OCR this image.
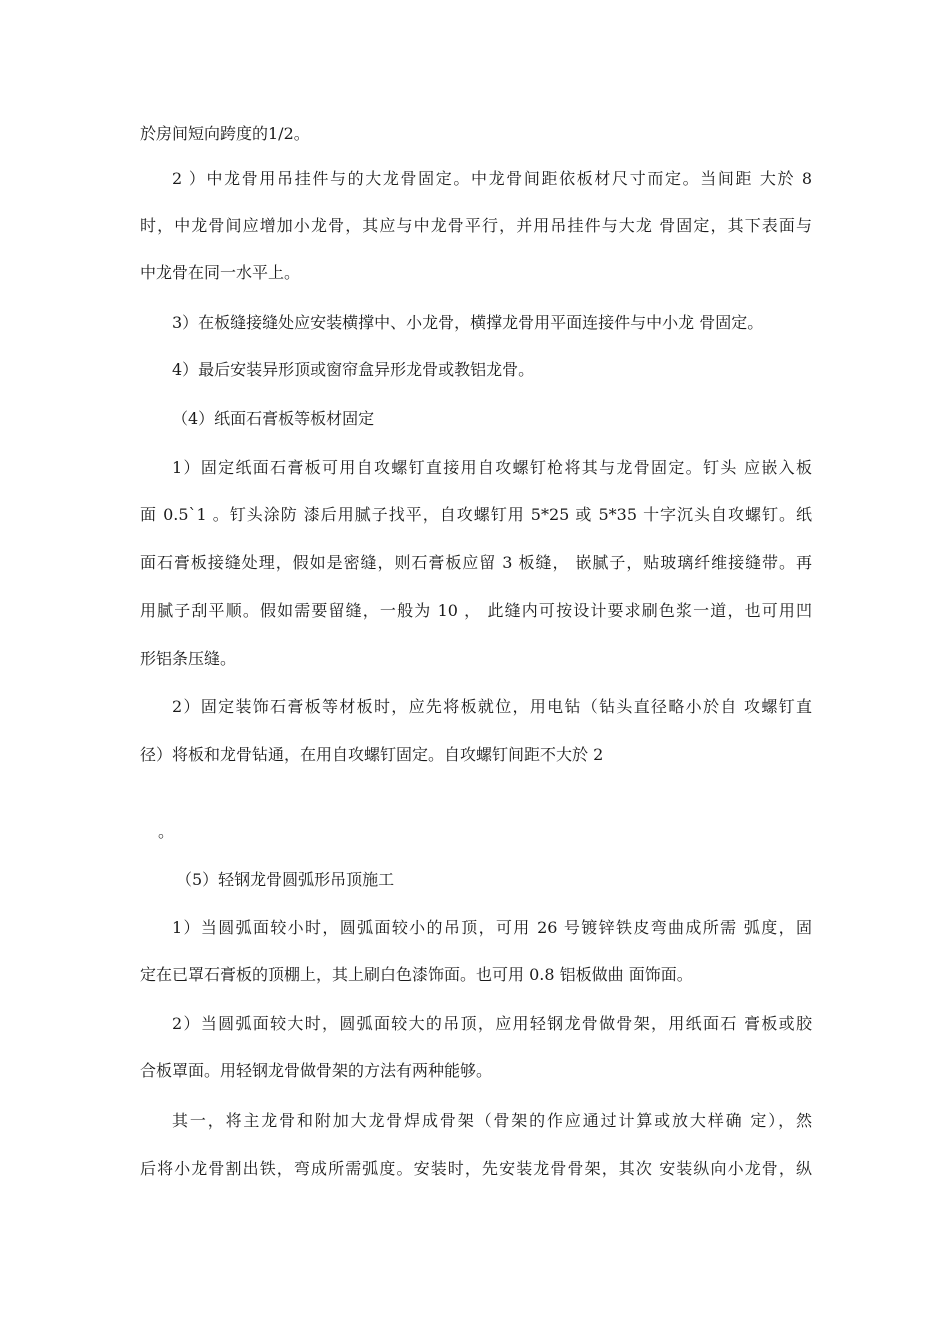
於房间短向跨度的1/2。
2 ）中龙骨用吊挂件与的大龙骨固定。中龙骨间距依板材尺寸而定。当间距 大於 8
时，中龙骨间应增加小龙骨，其应与中龙骨平行，并用吊挂件与大龙 骨固定，其下表面与
中龙骨在同一水平上。
3）在板缝接缝处应安装横撑中、小龙骨，横撑龙骨用平面连接件与中小龙 骨固定。
4）最后安装异形顶或窗帘盒异形龙骨或教铝龙骨。
（4）纸面石膏板等板材固定
1）固定纸面石膏板可用自攻螺钉直接用自攻螺钉枪将其与龙骨固定。钉头 应嵌入板
面 0.5`1 。钉头涂防 漆后用腻子找平，自攻螺钉用 5*25 或 5*35 十字沉头自攻螺钉。纸
面石膏板接缝处理，假如是密缝，则石膏板应留 3 板缝， 嵌腻子，贴玻璃纤维接缝带。再
用腻子刮平顺。假如需要留缝，一般为 10 ， 此缝内可按设计要求刷色浆一道，也可用凹
形铝条压缝。
2）固定装饰石膏板等材板时，应先将板就位，用电钻（钻头直径略小於自 攻螺钉直
径）将板和龙骨钻通，在用自攻螺钉固定。自攻螺钉间距不大於 2
。
（5）轻钢龙骨圆弧形吊顶施工
1）当圆弧面较小时，圆弧面较小的吊顶，可用 26 号镀锌铁皮弯曲成所需 弧度，固
定在已罩石膏板的顶棚上，其上刷白色漆饰面。也可用 0.8 铝板做曲 面饰面。
2）当圆弧面较大时，圆弧面较大的吊顶，应用轻钢龙骨做骨架，用纸面石 膏板或胶
合板罩面。用轻钢龙骨做骨架的方法有两种能够。
其一，将主龙骨和附加大龙骨焊成骨架（骨架的作应通过计算或放大样确 定），然
后将小龙骨割出铁，弯成所需弧度。安装时，先安装龙骨骨架，其次 安装纵向小龙骨，纵
